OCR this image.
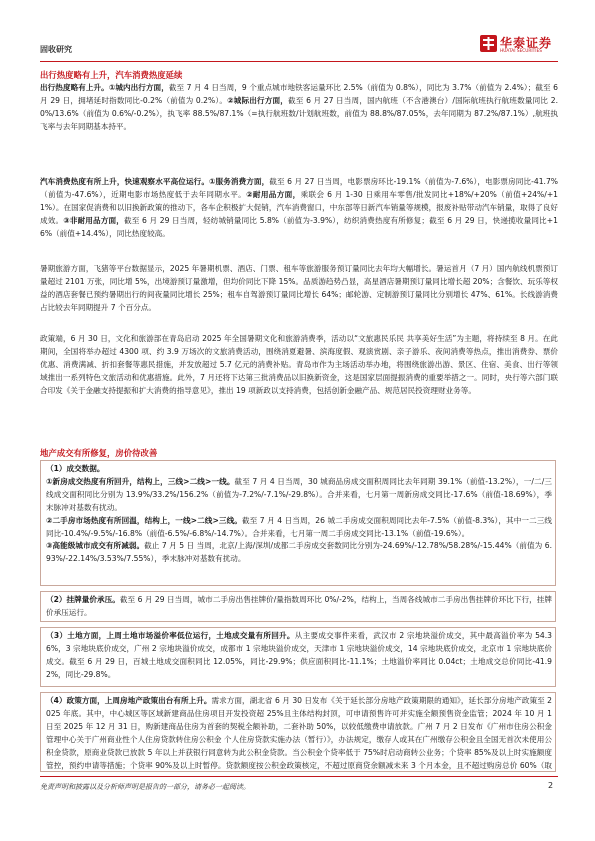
固收研究	华泰证券
HUATAI SECURITIES
出行热度略有上升，汽车消费热度延续

出行热度略有上升。①城内出行方面，截至 7 月 4 日当周，9 个重点城市地铁客运量环比 2.5%（前值为 0.8%），同比为 3.7%（前值为 2.4%）；截至 6 月 29 日，拥堵延时指数同比-0.2%（前值为 0.2%）。②城际出行方面，截至 6 月 27 日当周，国内航班（不含港澳台）/国际航班执行航班数量同比 2.0%/13.6%（前值为 0.6%/-0.2%），执飞率 88.5%/87.1%（=执行航班数/计划航班数，前值为 88.8%/87.05%，去年同期为 87.2%/87.1%）,航班执飞率与去年同期基本持平。

汽车消费热度有所上升，快速观察水平高位运行。①服务消费方面，截至 6 月 27 日当周，电影票房环比-19.1%（前值为-7.6%），电影票房同比-41.7%（前值为-47.6%），近期电影市场热度低于去年同期水平。②耐用品方面，乘联会 6 月 1-30 日乘用车零售/批发同比+18%/+20%（前值+24%/+11%）。在国家促消费和以旧换新政策的推动下，各车企积极扩大促销，汽车消费窗口，中东部等日新汽车销量等规模，报废补贴带动汽车销量，取得了良好成效。③非耐用品方面，截至 6 月 29 日当周，轻纺城销量同比 5.8%（前值为-3.9%），纺织消费热度有所修复；截至 6 月 29 日，快递揽收量同比+16%（前值+14.4%），同比热度较高。

暑期旅游方面，飞猪等平台数据显示，2025 年暑期机票、酒店、门票、租车等旅游服务预订量同比去年均大幅增长。暑运首月（7 月）国内航线机票预订量超过 2101 万张，同比增 5%，出境游预订量激增，但均价同比下降 15%。品质游趋势凸显，高星酒店暑期预订量同比增长超 20%；含餐饮、玩乐等权益的酒店套餐已预约暑期出行的间夜量同比增长 25%；租车自驾游预订量同比增长 64%；邮轮游、定制游预订量同比分别增长 47%、61%。长线游消费占比较去年同期提升 7 个百分点。

政策端，6 月 30 日，文化和旅游部在青岛启动 2025 年全国暑期文化和旅游消费季，活动以“文旅惠民乐民 共享美好生活”为主题，将持续至 8 月。在此期间，全国将举办超过 4300 项、约 3.9 万场次的文旅消费活动，围绕消夏避暑、滨海度假、观演赏剧、亲子游乐、夜间消费等热点，推出消费券、票价优惠、消费满减、折扣套餐等惠民措施，并发放超过 5.7 亿元的消费补贴。青岛市作为主场活动举办地，将围绕旅游出游、景区、住宿、美食、出行等领域推出一系列特色文旅活动和优惠措施。此外，7 月还将下达第三批消费品以旧换新资金，这是国家层面提振消费的重要举措之一。同时，央行等六部门联合印发《关于金融支持提振和扩大消费的指导意见》，推出 19 项新政以支持消费，包括创新金融产品、规范居民投资理财业务等。

地产成交有所修复，房价待改善

（1）成交数据。
①新房成交热度有所回升，结构上，三线>二线>一线。截至 7 月 4 日当周，30 城商品房成交面积周同比去年同期 39.1%（前值-13.2%），一/二/三线成交面积同比分别为 13.9%/33.2%/156.2%（前值为-7.2%/-7.1%/-29.8%）。合并来看，七月第一周新房成交同比-17.6%（前值-18.69%），季末脉冲对基数有扰动。
②二手房市场热度有所回温，结构上，一线>二线>三线。截至 7 月 4 日当周，26 城二手房成交面积周同比去年-7.5%（前值-8.3%），其中一二三线同比-10.4%/-9.5%/-16.8%（前值-6.5%/-6.8%/-14.7%）。合并来看，七月第一周二手房成交同比-13.1%（前值-19.6%）。
③高能级城市成交有所减弱。截止 7 月 5 日 当周，北京/上海/深圳/成都二手房成交套数同比分别为-24.69%/-12.78%/58.28%/-15.44%（前值为 6.93%/-22.14%/3.53%/7.55%），季末脉冲对基数有扰动。

（2）挂牌量价承压。截至 6 月 29 日当周，城市二手房出售挂牌价/量指数周环比 0%/-2%，结构上，当周各线城市二手房出售挂牌价环比下行，挂牌价承压运行。

（3）土地方面，上周土地市场溢价率低位运行，土地成交量有所回升。从主要成交事件来看，武汉市 2 宗地块溢价成交，其中最高溢价率为 54.36%，3 宗地块底价成交，广州 2 宗地块溢价成交，成都市 1 宗地块溢价成交，天津市 1 宗地块溢价成交，14 宗地块底价成交，北京市 1 宗地块底价成交。截至 6 月 29 日，百城土地成交面积同比 12.05%，同比-29.9%；供应面积同比-11.1%；土地溢价率同比 0.04ct；土地成交总价同比-41.92%，同比-29.8%。

（4）政策方面，上周房地产政策出台有所上升。需求方面，湖北省 6 月 30 日发布《关于延长部分房地产政策期限的通知》，延长部分房地产政策至 2025 年底。其中，中心城区等区域新建商品住房项目开发投资超 25%且主体结构封顶，可申请预售许可并实施全额预售资金监管；2024 年 10 月 1 日至 2025 年 12 月 31 日，购新建商品住房为首套的契税全额补助，二套补助 50%，以较低缴费申请放款。广州 7 月 2 日发布《广州市住房公积金管理中心关于广州商业性个人住房贷款转住房公积金 个人住房贷款实施办法（暂行）》，办法规定，缴存人或其在广州缴存公积金且全国无首次未使用公积金贷款，原商业贷款已放款 5 年以上并获银行同意转为此公积金贷款。当公积金个贷率低于 75%时启动商转公业务；个贷率 85%及以上时实施额度管控，预约申请等措施；个贷率 90%及以上时暂停。贷款额度按公积金政策核定，不超过原商贷余额减未来 3 个月本金，且不超过购房总价 60%（取

免责声明和披露以及分析师声明是报告的一部分，请务必一起阅读。	2
